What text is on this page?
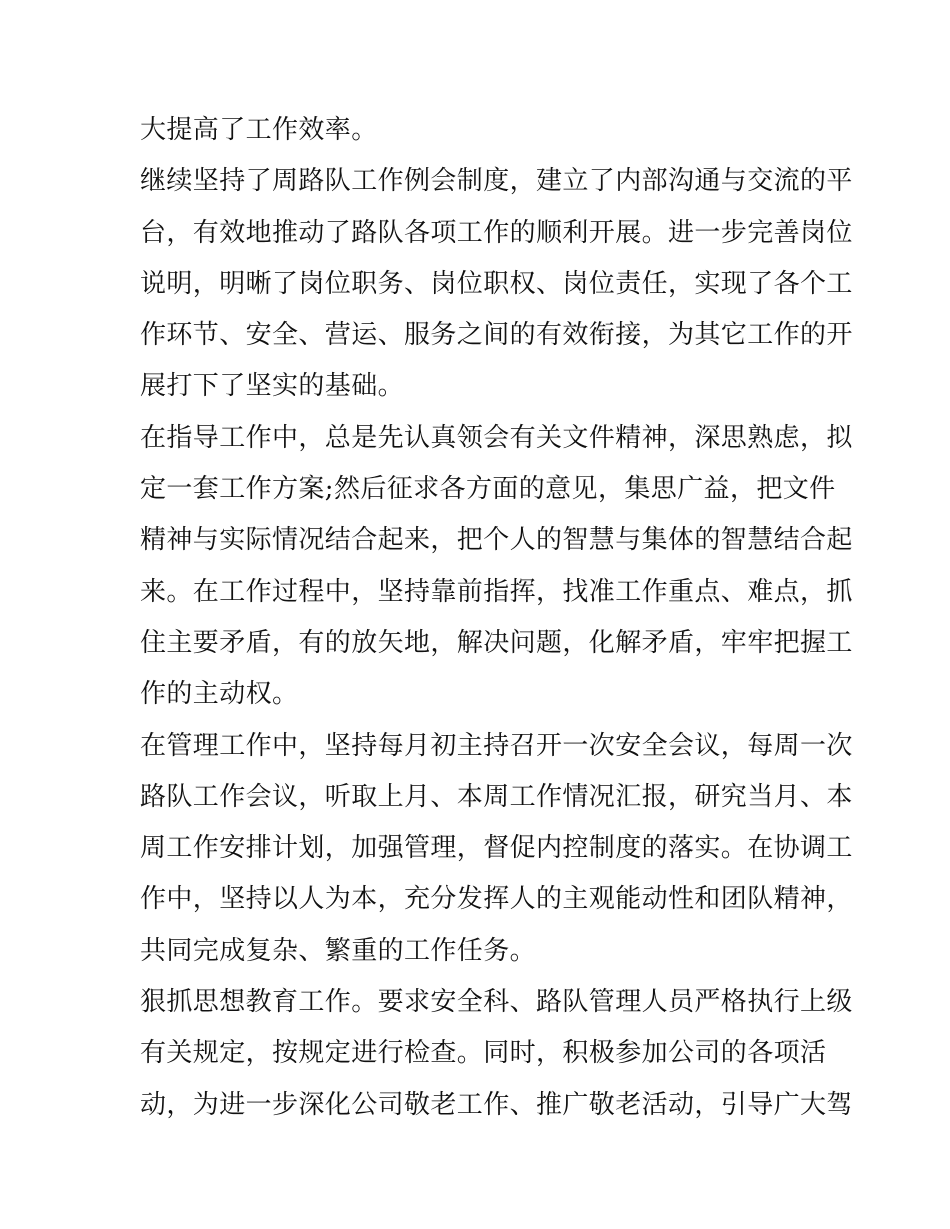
大提高了工作效率。
继续坚持了周路队工作例会制度，建立了内部沟通与交流的平
台，有效地推动了路队各项工作的顺利开展。进一步完善岗位
说明，明晰了岗位职务、岗位职权、岗位责任，实现了各个工
作环节、安全、营运、服务之间的有效衔接，为其它工作的开
展打下了坚实的基础。
在指导工作中，总是先认真领会有关文件精神，深思熟虑，拟
定一套工作方案;然后征求各方面的意见，集思广益，把文件
精神与实际情况结合起来，把个人的智慧与集体的智慧结合起
来。在工作过程中，坚持靠前指挥，找准工作重点、难点，抓
住主要矛盾，有的放矢地，解决问题，化解矛盾，牢牢把握工
作的主动权。
在管理工作中，坚持每月初主持召开一次安全会议，每周一次
路队工作会议，听取上月、本周工作情况汇报，研究当月、本
周工作安排计划，加强管理，督促内控制度的落实。在协调工
作中，坚持以人为本，充分发挥人的主观能动性和团队精神，
共同完成复杂、繁重的工作任务。
狠抓思想教育工作。要求安全科、路队管理人员严格执行上级
有关规定，按规定进行检查。同时，积极参加公司的各项活
动，为进一步深化公司敬老工作、推广敬老活动，引导广大驾
